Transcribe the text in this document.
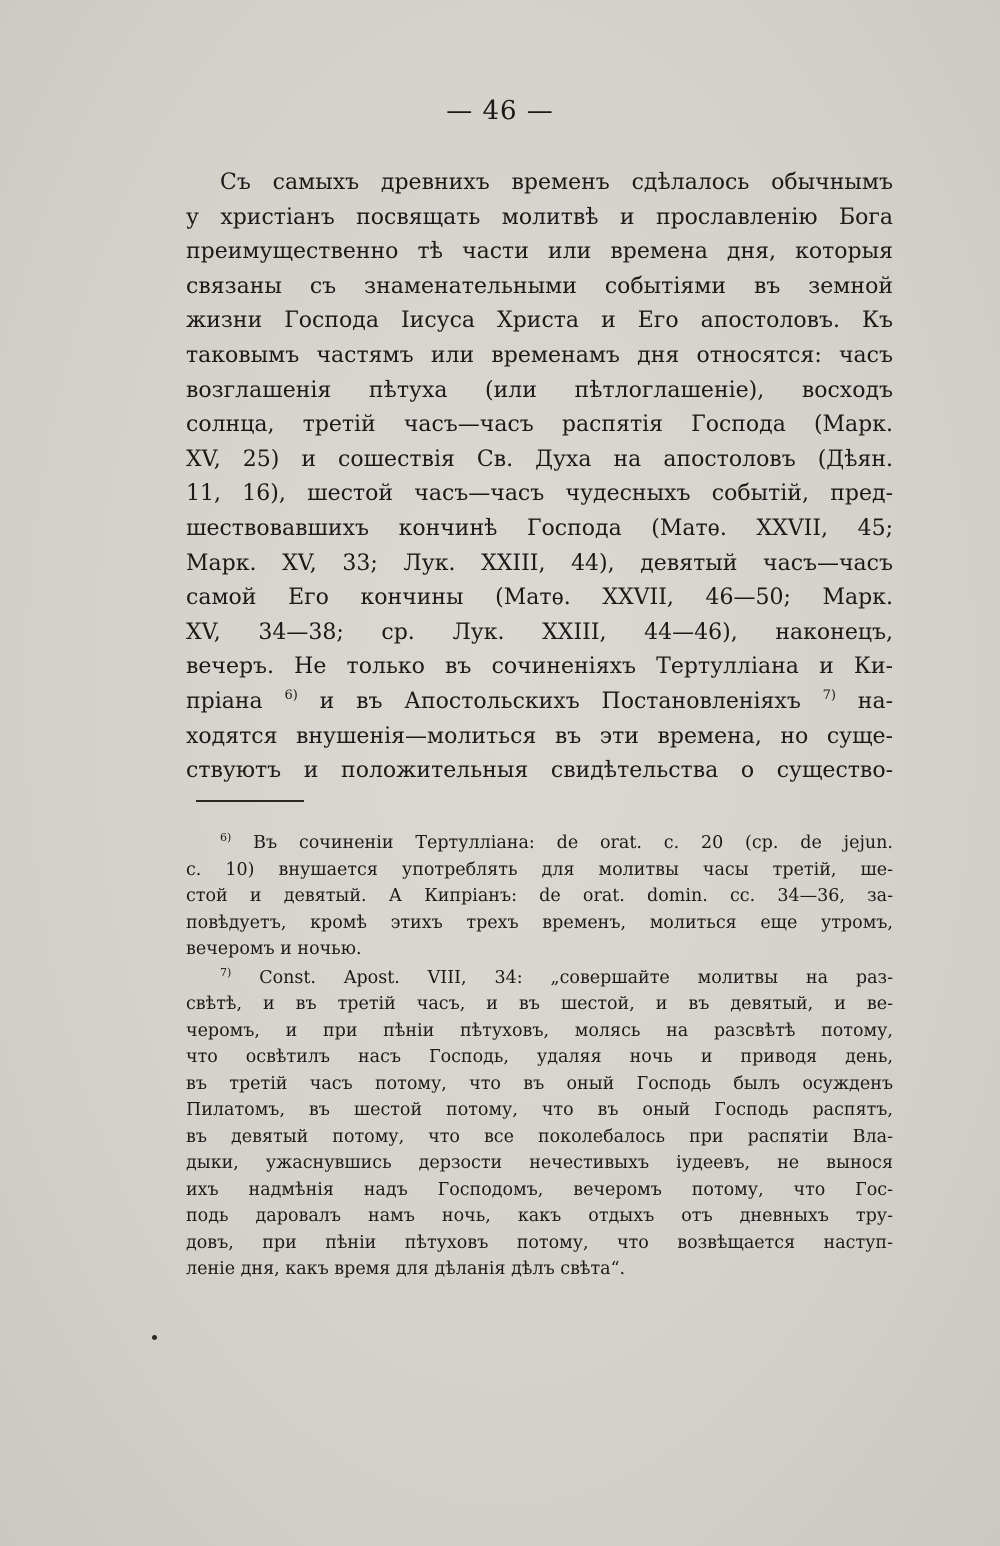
— 46 —
Съ самыхъ древнихъ временъ сдѣлалось обычнымъ
у христiанъ посвящать молитвѣ и прославленiю Бога
преимущественно тѣ части или времена дня, которыя
связаны съ знаменательными событiями въ земной
жизни Господа Iисуса Христа и Его апостоловъ. Къ
таковымъ частямъ или временамъ дня относятся: часъ
возглашенiя пѣтуха (или пѣтлоглашенiе), восходъ
солнца, третiй часъ—часъ распятiя Господа (Марк.
XV, 25) и сошествiя Св. Духа на апостоловъ (Дѣян.
11, 16), шестой часъ—часъ чудесныхъ событiй, пред-
шествовавшихъ кончинѣ Господа (Матѳ. XXVII, 45;
Марк. XV, 33; Лук. XXIII, 44), девятый часъ—часъ
самой Его кончины (Матѳ. XXVII, 46—50; Марк.
XV, 34—38; ср. Лук. XXIII, 44—46), наконецъ,
вечеръ. Не только въ сочиненiяхъ Тертуллiана и Ки-
прiана $^{6)}$ и въ Апостольскихъ Постановленiяхъ $^{7)}$ на-
ходятся внушенiя—молиться въ эти времена, но суще-
ствуютъ и положительныя свидѣтельства о существо-
$^{6)}$ Въ сочиненiи Тертуллiана: de orat. c. 20 (ср. de jejun.
c. 10) внушается употреблять для молитвы часы третiй, ше-
стой и девятый. А Кипрiанъ: de orat. domin. cc. 34—36, за-
повѣдуетъ, кромѣ этихъ трехъ временъ, молиться еще утромъ,
вечеромъ и ночью.
$^{7)}$ Const. Apost. VIII, 34: „совершайте молитвы на раз-
свѣтѣ, и въ третiй часъ, и въ шестой, и въ девятый, и ве-
черомъ, и при пѣнiи пѣтуховъ, молясь на разсвѣтѣ потому,
что освѣтилъ насъ Господь, удаляя ночь и приводя день,
въ третiй часъ потому, что въ оный Господь былъ осужденъ
Пилатомъ, въ шестой потому, что въ оный Господь распятъ,
въ девятый потому, что все поколебалось при распятiи Вла-
дыки, ужаснувшись дерзости нечестивыхъ iудеевъ, не вынося
ихъ надмѣнiя надъ Господомъ, вечеромъ потому, что Гос-
подь даровалъ намъ ночь, какъ отдыхъ отъ дневныхъ тру-
довъ, при пѣнiи пѣтуховъ потому, что возвѣщается наступ-
ленiе дня, какъ время для дѣланiя дѣлъ свѣта“.
